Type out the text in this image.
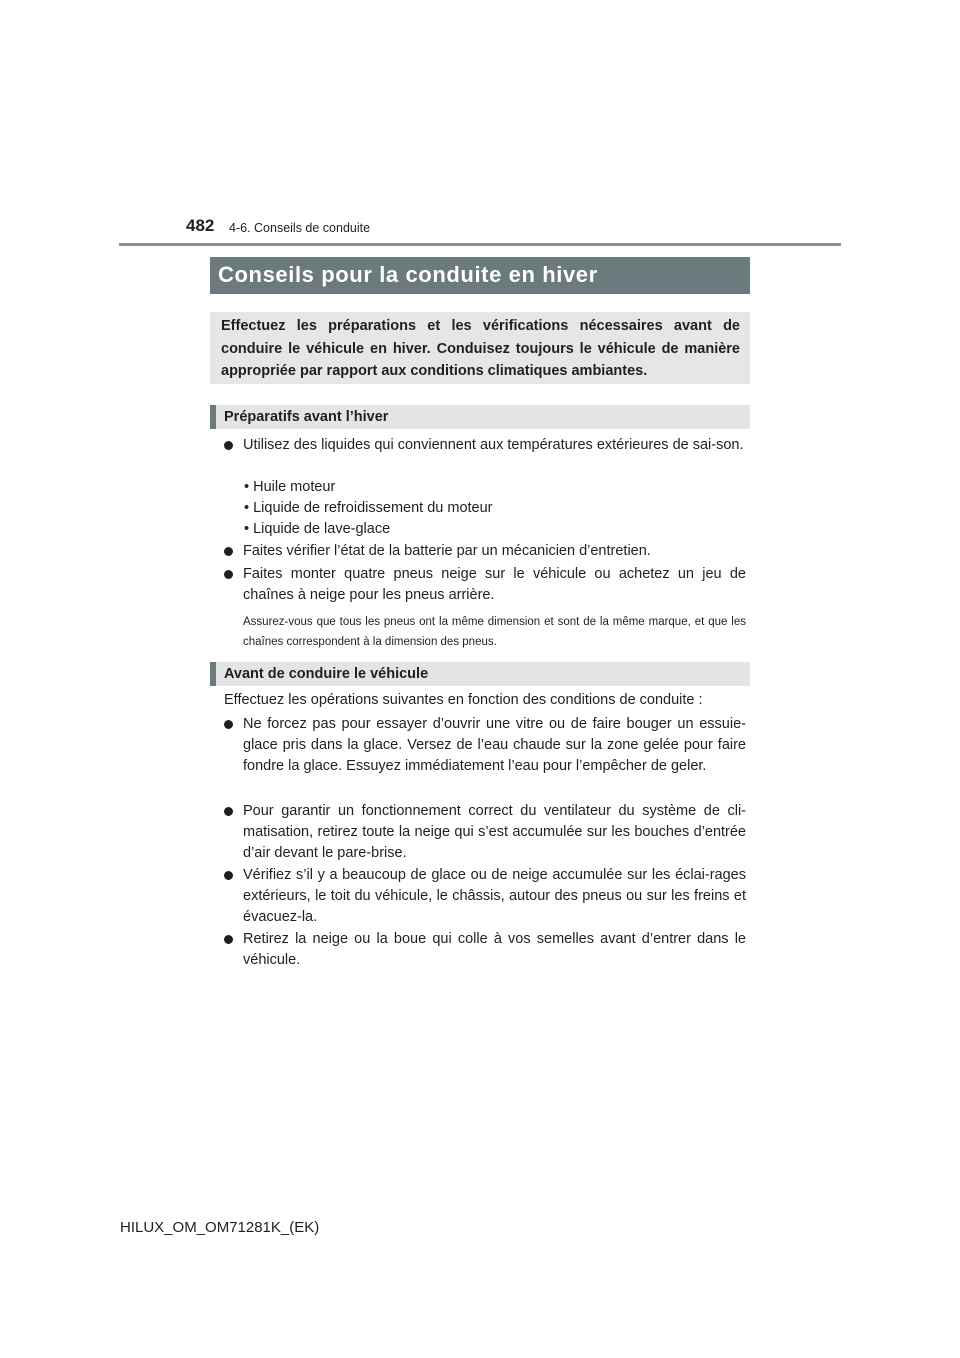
482 4-6. Conseils de conduite
Conseils pour la conduite en hiver
Effectuez les préparations et les vérifications nécessaires avant de conduire le véhicule en hiver. Conduisez toujours le véhicule de manière appropriée par rapport aux conditions climatiques ambiantes.
Préparatifs avant l’hiver
Utilisez des liquides qui conviennent aux températures extérieures de sai-son.
• Huile moteur
• Liquide de refroidissement du moteur
• Liquide de lave-glace
Faites vérifier l’état de la batterie par un mécanicien d’entretien.
Faites monter quatre pneus neige sur le véhicule ou achetez un jeu de chaînes à neige pour les pneus arrière.
Assurez-vous que tous les pneus ont la même dimension et sont de la même marque, et que les chaînes correspondent à la dimension des pneus.
Avant de conduire le véhicule
Effectuez les opérations suivantes en fonction des conditions de conduite :
Ne forcez pas pour essayer d’ouvrir une vitre ou de faire bouger un essuie-glace pris dans la glace. Versez de l’eau chaude sur la zone gelée pour faire fondre la glace. Essuyez immédiatement l’eau pour l’empêcher de geler.
Pour garantir un fonctionnement correct du ventilateur du système de cli-matisation, retirez toute la neige qui s’est accumulée sur les bouches d’entrée d’air devant le pare-brise.
Vérifiez s’il y a beaucoup de glace ou de neige accumulée sur les éclai-rages extérieurs, le toit du véhicule, le châssis, autour des pneus ou sur les freins et évacuez-la.
Retirez la neige ou la boue qui colle à vos semelles avant d’entrer dans le véhicule.
HILUX_OM_OM71281K_(EK)
